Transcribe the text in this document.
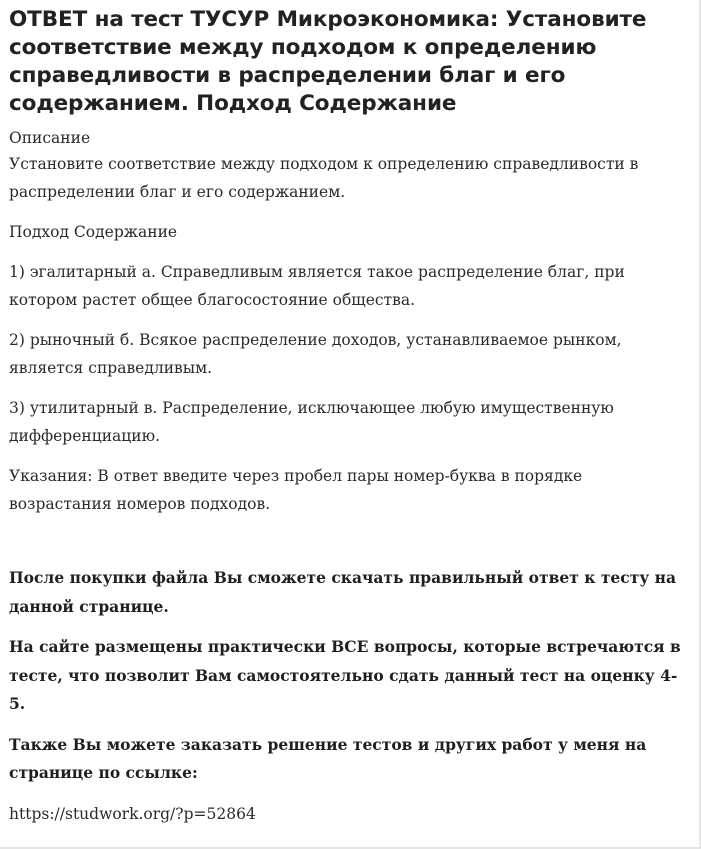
ОТВЕТ на тест ТУСУР Микроэкономика: Установите соответствие между подходом к определению справедливости в распределении благ и его содержанием. Подход Содержание
Описание

Установите соответствие между подходом к определению справедливости в распределении благ и его содержанием.

Подход Содержание

1) эгалитарный а. Справедливым является такое распределение благ, при котором растет общее благосостояние общества.

2) рыночный б. Всякое распределение доходов, устанавливаемое рынком, является справедливым.

3) утилитарный в. Распределение, исключающее любую имущественную дифференциацию.

Указания: В ответ введите через пробел пары номер-буква в порядке возрастания номеров подходов.

После покупки файла Вы сможете скачать правильный ответ к тесту на данной странице.

На сайте размещены практически ВСЕ вопросы, которые встречаются в тесте, что позволит Вам самостоятельно сдать данный тест на оценку 4-5.

Также Вы можете заказать решение тестов и других работ у меня на странице по ссылке:

https://studwork.org/?p=52864
